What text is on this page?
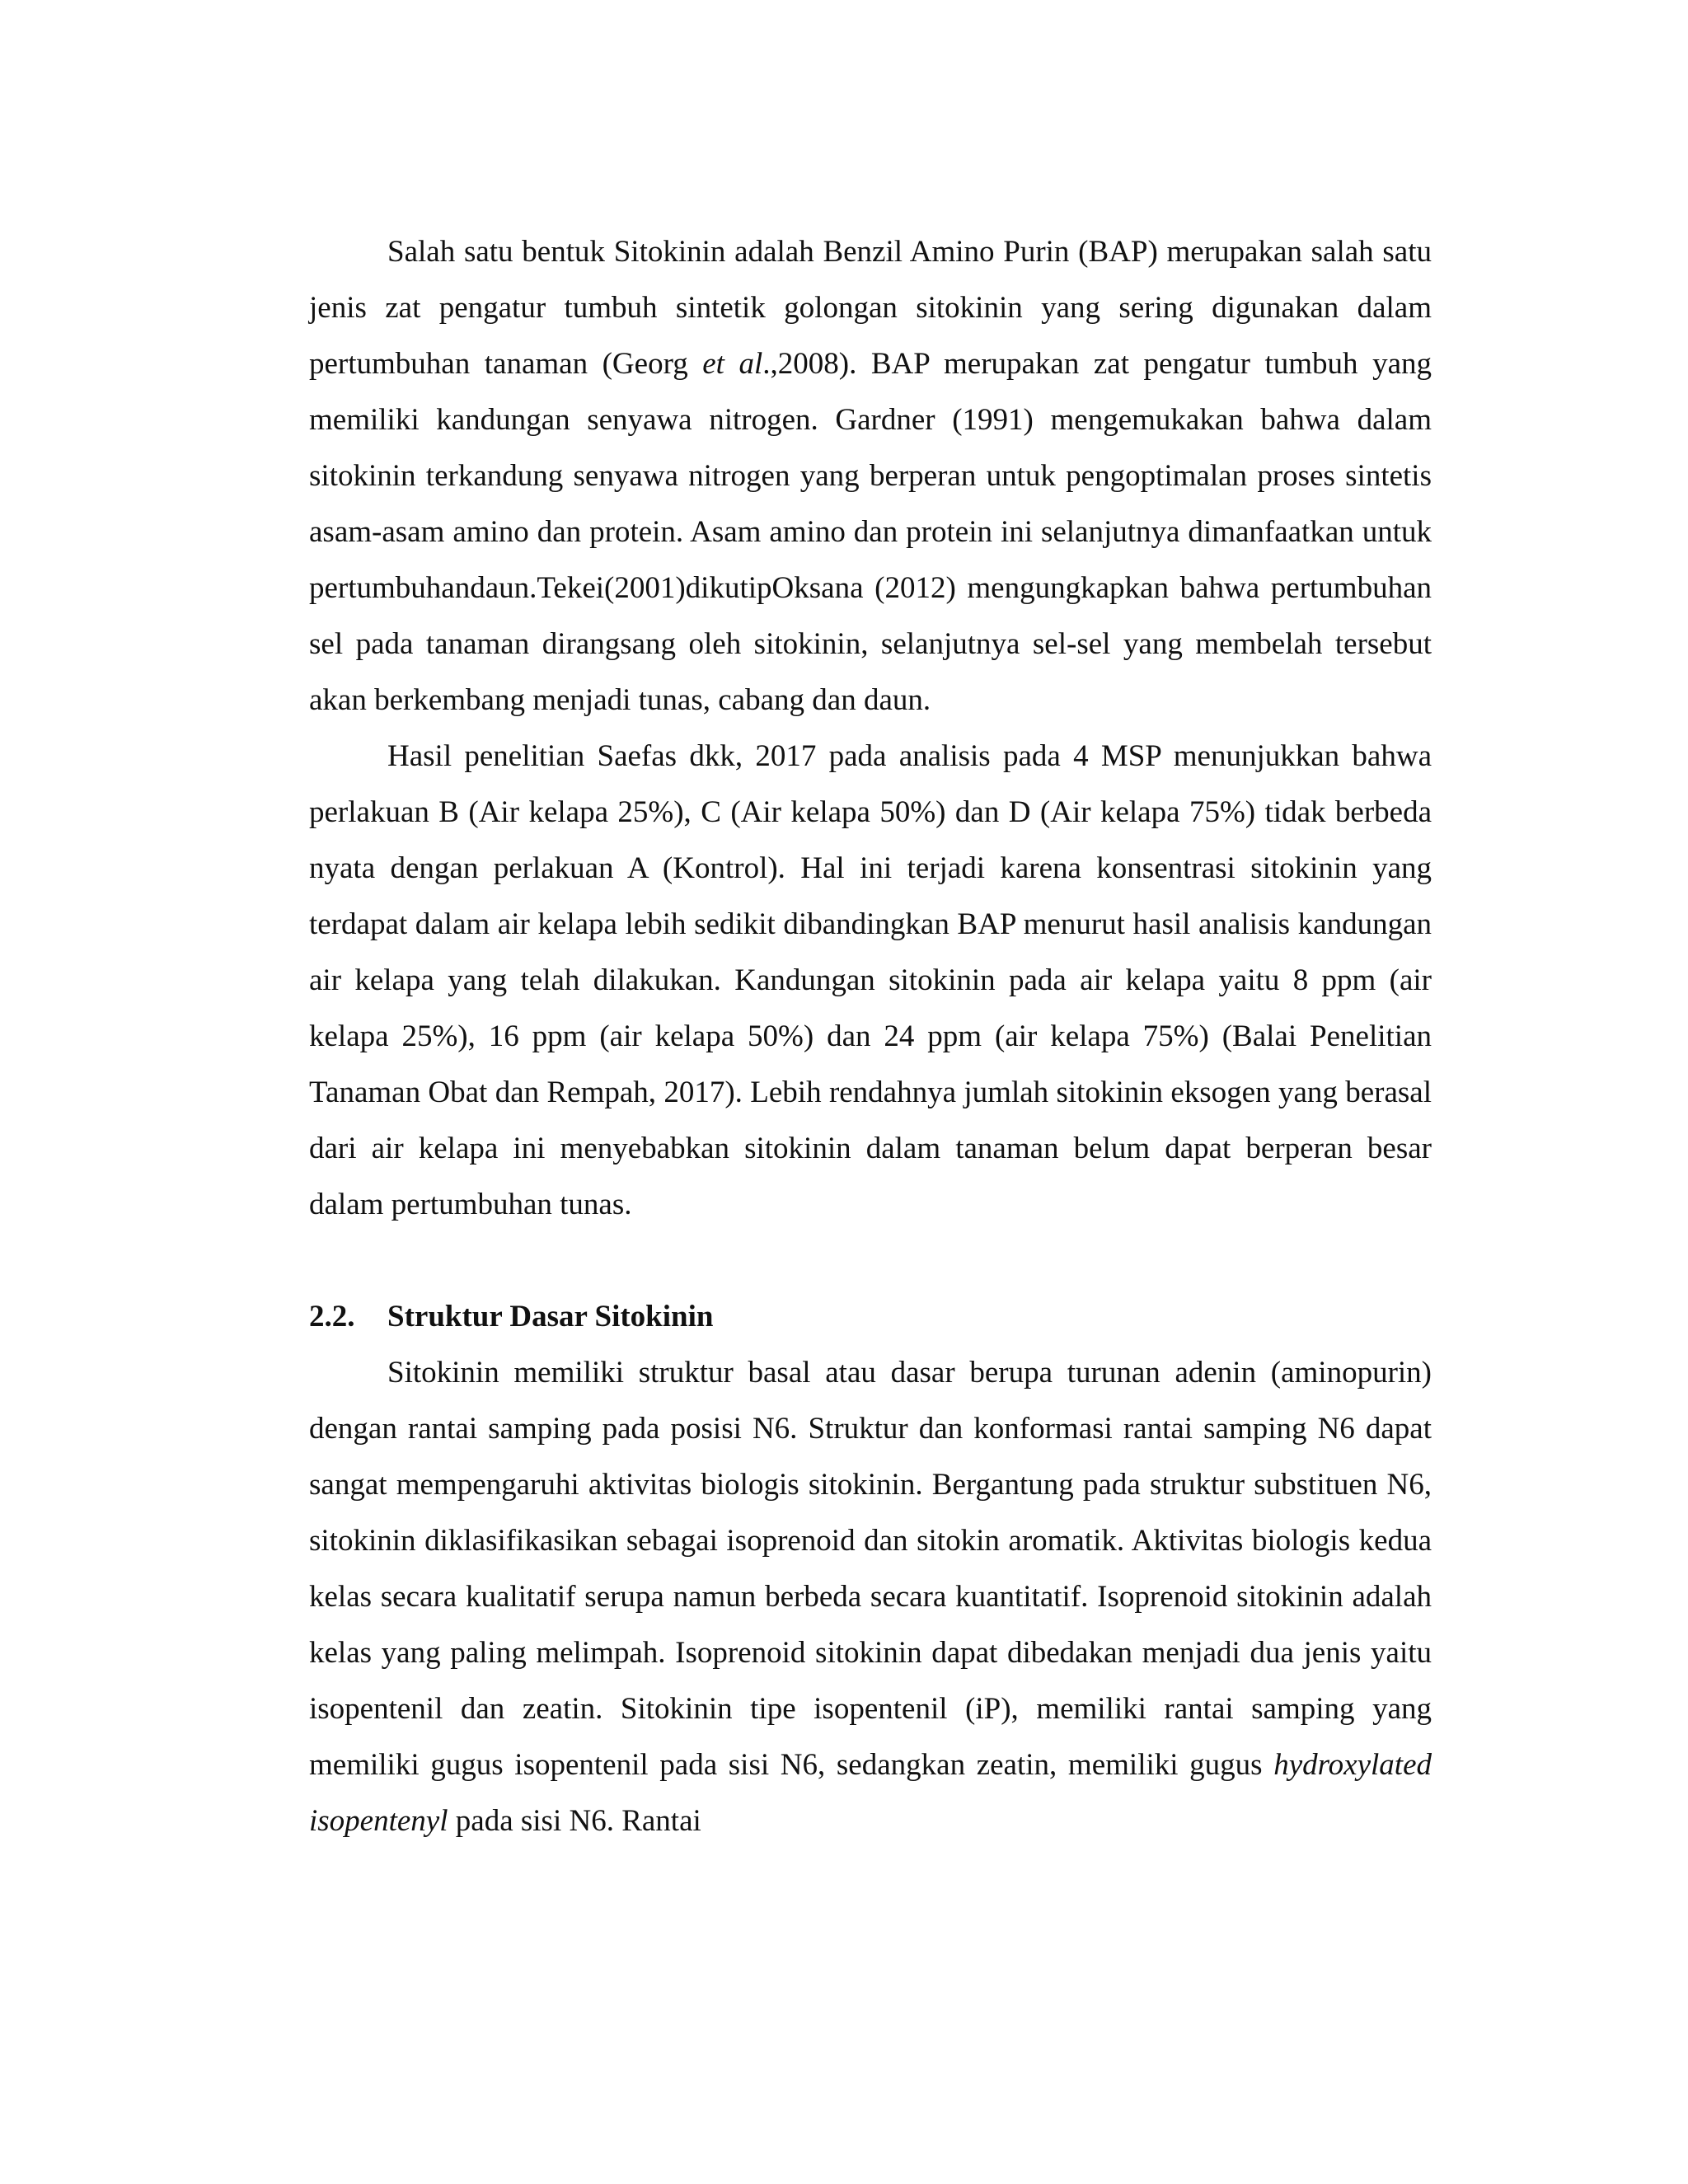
Salah satu bentuk Sitokinin adalah Benzil Amino Purin (BAP) merupakan salah satu jenis zat pengatur tumbuh sintetik golongan sitokinin yang sering digunakan dalam pertumbuhan tanaman (Georg et al.,2008). BAP merupakan zat pengatur tumbuh yang memiliki kandungan senyawa nitrogen. Gardner (1991) mengemukakan bahwa dalam sitokinin terkandung senyawa nitrogen yang berperan untuk pengoptimalan proses sintetis asam-asam amino dan protein. Asam amino dan protein ini selanjutnya dimanfaatkan untuk pertumbuhandaun.Tekei(2001)dikutipOksana (2012) mengungkapkan bahwa pertumbuhan sel pada tanaman dirangsang oleh sitokinin, selanjutnya sel-sel yang membelah tersebut akan berkembang menjadi tunas, cabang dan daun.

Hasil penelitian Saefas dkk, 2017 pada analisis pada 4 MSP menunjukkan bahwa perlakuan B (Air kelapa 25%), C (Air kelapa 50%) dan D (Air kelapa 75%) tidak berbeda nyata dengan perlakuan A (Kontrol). Hal ini terjadi karena konsentrasi sitokinin yang terdapat dalam air kelapa lebih sedikit dibandingkan BAP menurut hasil analisis kandungan air kelapa yang telah dilakukan. Kandungan sitokinin pada air kelapa yaitu 8 ppm (air kelapa 25%), 16 ppm (air kelapa 50%) dan 24 ppm (air kelapa 75%) (Balai Penelitian Tanaman Obat dan Rempah, 2017). Lebih rendahnya jumlah sitokinin eksogen yang berasal dari air kelapa ini menyebabkan sitokinin dalam tanaman belum dapat berperan besar dalam pertumbuhan tunas.

2.2.	Struktur Dasar Sitokinin

Sitokinin memiliki struktur basal atau dasar berupa turunan adenin (aminopurin) dengan rantai samping pada posisi N6. Struktur dan konformasi rantai samping N6 dapat sangat mempengaruhi aktivitas biologis sitokinin. Bergantung pada struktur substituen N6, sitokinin diklasifikasikan sebagai isoprenoid dan sitokin aromatik. Aktivitas biologis kedua kelas secara kualitatif serupa namun berbeda secara kuantitatif. Isoprenoid sitokinin adalah kelas yang paling melimpah. Isoprenoid sitokinin dapat dibedakan menjadi dua jenis yaitu isopentenil dan zeatin. Sitokinin tipe isopentenil (iP), memiliki rantai samping yang memiliki gugus isopentenil pada sisi N6, sedangkan zeatin, memiliki gugus hydroxylated isopentenyl pada sisi N6. Rantai
